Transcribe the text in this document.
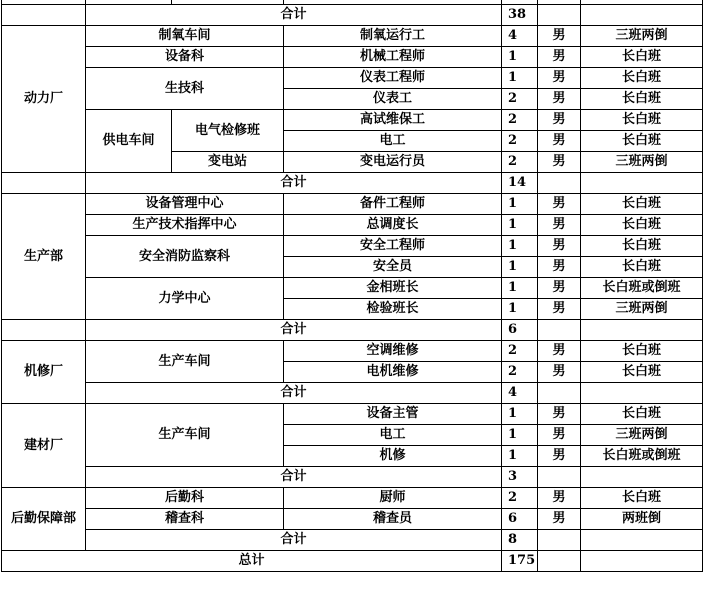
	合计			38		
动力厂	制氧车间		制氧运行工	4	男	三班两倒
	设备科		机械工程师	1	男	长白班
	生技科		仪表工程师	1	男	长白班
			仪表工	2	男	长白班
	供电车间	电气检修班	高试维保工	2	男	长白班
			电工	2	男	长白班
		变电站	变电运行员	2	男	三班两倒
	合计			14		
生产部	设备管理中心		备件工程师	1	男	长白班
	生产技术指挥中心		总调度长	1	男	长白班
	安全消防监察科		安全工程师	1	男	长白班
			安全员	1	男	长白班
	力学中心		金相班长	1	男	长白班或倒班
			检验班长	1	男	三班两倒
	合计			6		
机修厂	生产车间		空调维修	2	男	长白班
			电机维修	2	男	长白班
	合计			4		
建材厂	生产车间		设备主管	1	男	长白班
			电工	1	男	三班两倒
			机修	1	男	长白班或倒班
	合计			3		
后勤保障部	后勤科		厨师	2	男	长白班
	稽查科		稽查员	6	男	两班倒
	合计			8		
总计				175		
